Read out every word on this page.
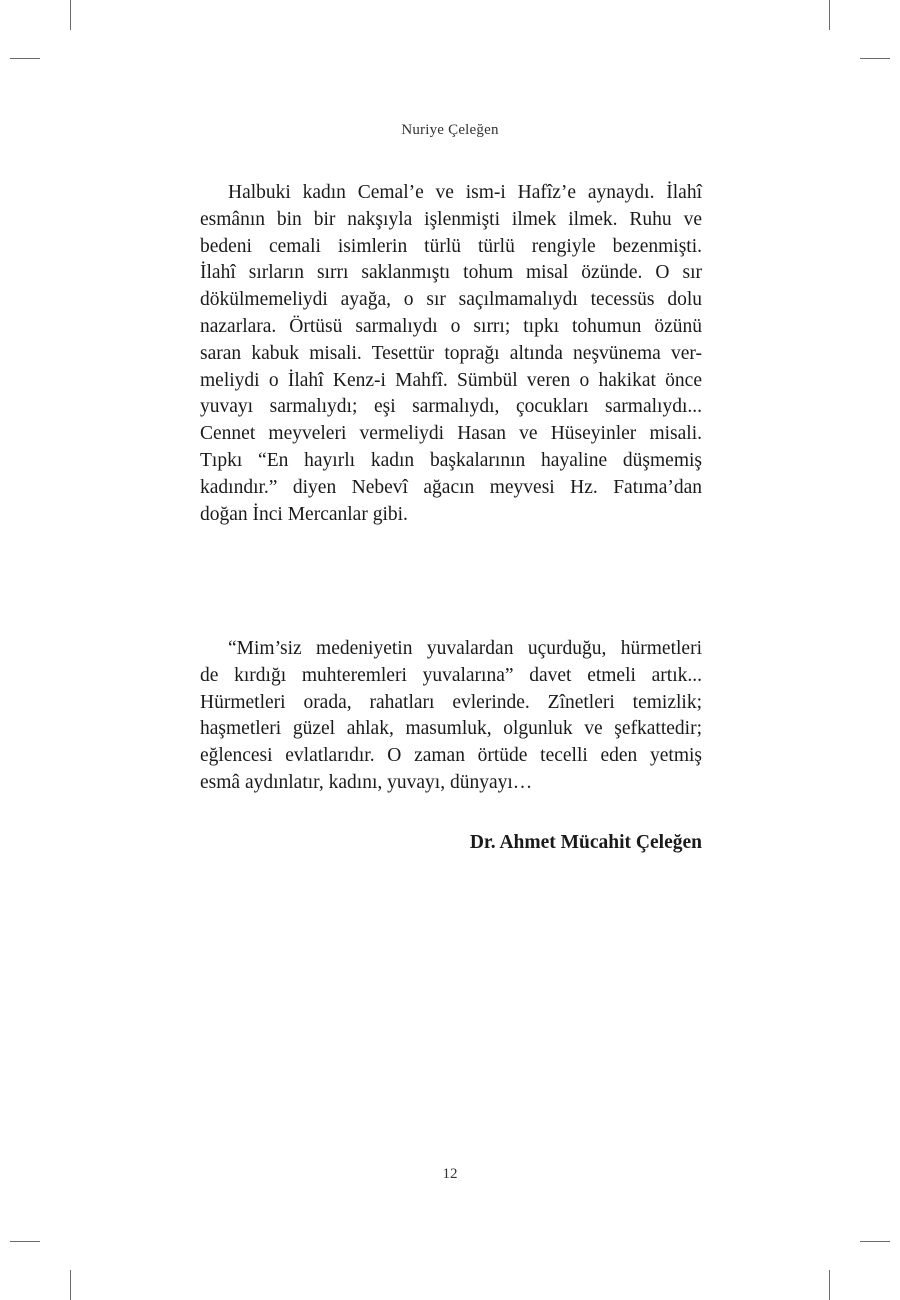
Nuriye Çeleğen
Halbuki kadın Cemal’e ve ism-i Hafîz’e aynaydı. İlahî
esmânın bin bir nakşıyla işlenmişti ilmek ilmek. Ruhu ve
bedeni cemali isimlerin türlü türlü rengiyle bezenmişti.
İlahî sırların sırrı saklanmıştı tohum misal özünde. O sır
dökülmemeliydi ayağa, o sır saçılmamalıydı tecessüs dolu
nazarlara. Örtüsü sarmalıydı o sırrı; tıpkı tohumun özünü
saran kabuk misali. Tesettür toprağı altında neşvünema ver-
meliydi o İlahî Kenz-i Mahfî. Sümbül veren o hakikat önce
yuvayı sarmalıydı; eşi sarmalıydı, çocukları sarmalıydı...
Cennet meyveleri vermeliydi Hasan ve Hüseyinler misali.
Tıpkı “En hayırlı kadın başkalarının hayaline düşmemiş
kadındır.” diyen Nebevî ağacın meyvesi Hz. Fatıma’dan
doğan İnci Mercanlar gibi.
“Mim’siz medeniyetin yuvalardan uçurduğu, hürmetleri
de kırdığı muhteremleri yuvalarına” davet etmeli artık...
Hürmetleri orada, rahatları evlerinde. Zînetleri temizlik;
haşmetleri güzel ahlak, masumluk, olgunluk ve şefkattedir;
eğlencesi evlatlarıdır. O zaman örtüde tecelli eden yetmiş
esmâ aydınlatır, kadını, yuvayı, dünyayı…
Dr. Ahmet Mücahit Çeleğen
12
